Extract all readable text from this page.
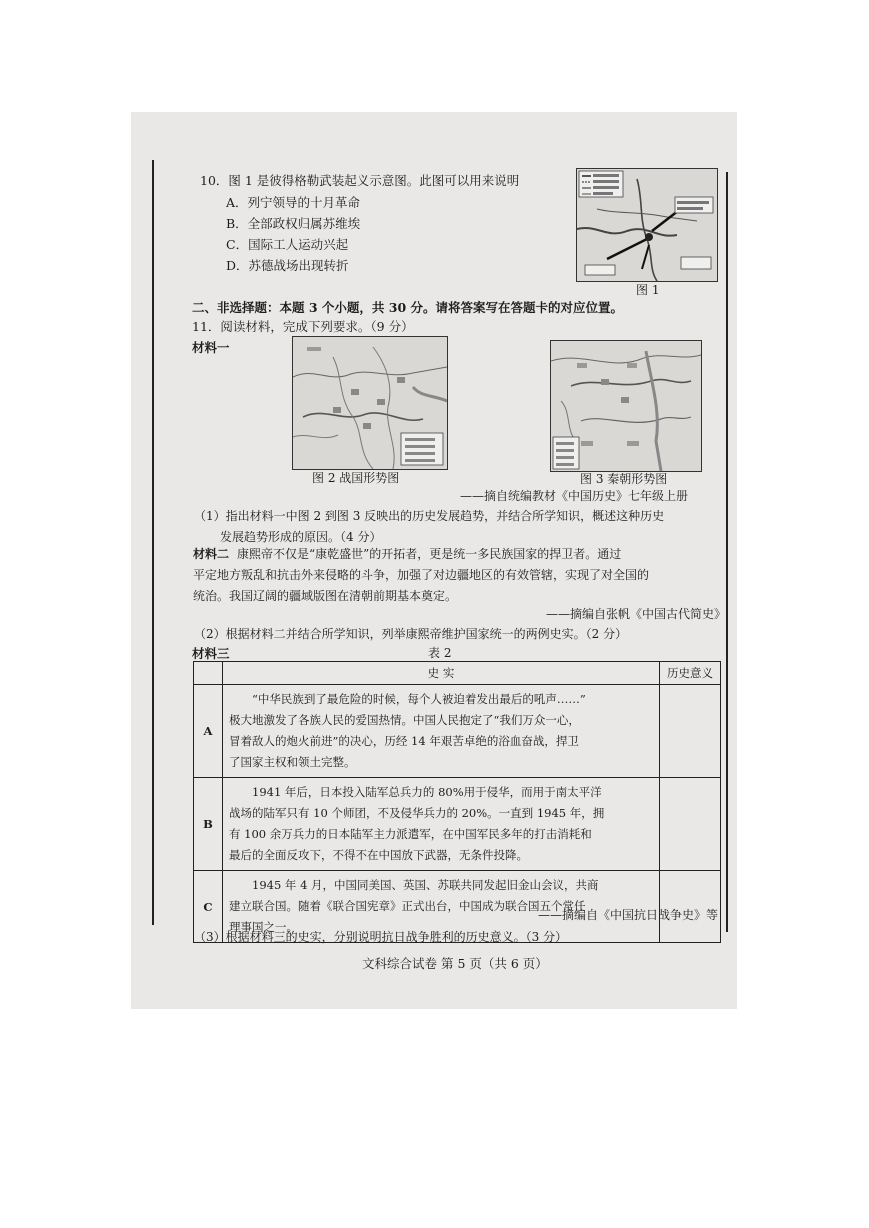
10．图 1 是彼得格勒武装起义示意图。此图可以用来说明
A．列宁领导的十月革命
B．全部政权归属苏维埃
C．国际工人运动兴起
D．苏德战场出现转折
图 1
二、非选择题：本题 3 个小题，共 30 分。请将答案写在答题卡的对应位置。
11．阅读材料，完成下列要求。（9 分）
材料一
图 2 战国形势图	图 3 秦朝形势图
——摘自统编教材《中国历史》七年级上册
（1）指出材料一中图 2 到图 3 反映出的历史发展趋势，并结合所学知识，概述这种历史
发展趋势形成的原因。（4 分）
材料二 康熙帝不仅是“康乾盛世”的开拓者，更是统一多民族国家的捍卫者。通过
平定地方叛乱和抗击外来侵略的斗争，加强了对边疆地区的有效管辖，实现了对全国的
统治。我国辽阔的疆域版图在清朝前期基本奠定。
——摘编自张帆《中国古代简史》
（2）根据材料二并结合所学知识，列举康熙帝维护国家统一的两例史实。（2 分）
材料三	表 2
	史 实	历史意义
A	“中华民族到了最危险的时候，每个人被迫着发出最后的吼声……”
极大地激发了各族人民的爱国热情。中国人民抱定了“我们万众一心，
冒着敌人的炮火前进”的决心，历经 14 年艰苦卓绝的浴血奋战，捍卫
了国家主权和领土完整。	

B	1941 年后，日本投入陆军总兵力的 80%用于侵华，而用于南太平洋
战场的陆军只有 10 个师团，不及侵华兵力的 20%。一直到 1945 年，拥
有 100 余万兵力的日本陆军主力派遣军，在中国军民多年的打击消耗和
最后的全面反攻下，不得不在中国放下武器，无条件投降。	

C	1945 年 4 月，中国同美国、英国、苏联共同发起旧金山会议，共商
建立联合国。随着《联合国宪章》正式出台，中国成为联合国五个常任
理事国之一。	

——摘编自《中国抗日战争史》等
（3）根据材料三的史实，分别说明抗日战争胜利的历史意义。（3 分）
文科综合试卷 第 5 页（共 6 页）
